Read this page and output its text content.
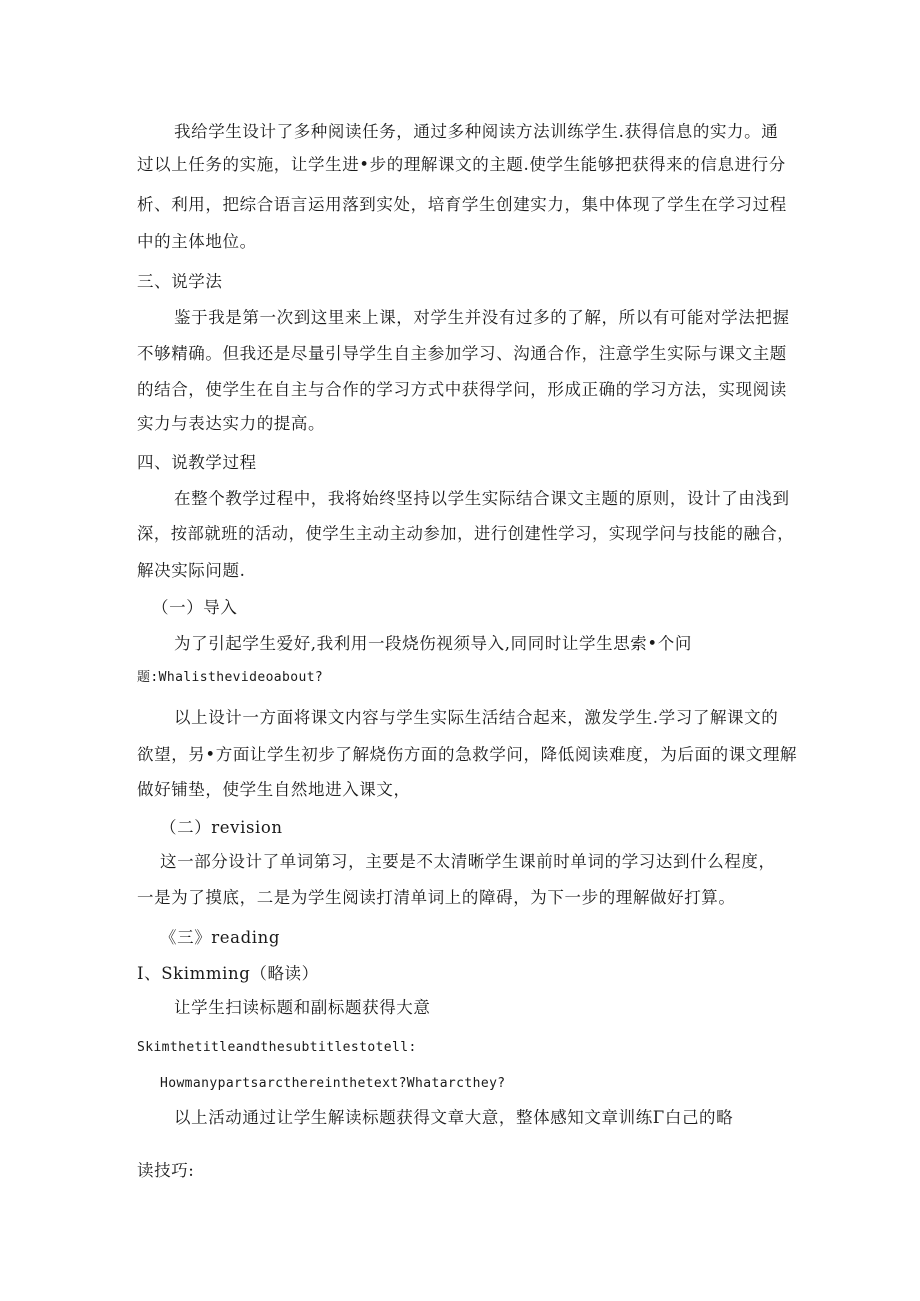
我给学生设计了多种阅读任务，通过多种阅读方法训练学生.获得信息的实力。通
过以上任务的实施，让学生进•步的理解课文的主题.使学生能够把获得来的信息进行分
析、利用，把综合语言运用落到实处，培育学生创建实力，集中体现了学生在学习过程
中的主体地位。
三、说学法
鉴于我是第一次到这里来上课，对学生并没有过多的了解，所以有可能对学法把握
不够精确。但我还是尽量引导学生自主参加学习、沟通合作，注意学生实际与课文主题
的结合，使学生在自主与合作的学习方式中获得学问，形成正确的学习方法，实现阅读
实力与表达实力的提高。
四、说教学过程
在整个教学过程中，我将始终坚持以学生实际结合课文主题的原则，设计了由浅到
深，按部就班的活动，使学生主动主动参加，进行创建性学习，实现学问与技能的融合，
解决实际问题.
（一）导入
为了引起学生爱好,我利用一段烧伤视须导入,同同时让学生思索•个问
题:Whalisthevideoabout?
以上设计一方面将课文内容与学生实际生活结合起来，激发学生.学习了解课文的
欲望，另•方面让学生初步了解烧伤方面的急救学问，降低阅读难度，为后面的课文理解
做好铺垫，使学生自然地进入课文，
（二）revision
这一部分设计了单词第习，主要是不太清晰学生课前时单词的学习达到什么程度，
一是为了摸底，二是为学生阅读打清单词上的障碍，为下一步的理解做好打算。
《三》reading
I、Skimming（略读）
让学生扫读标题和副标题获得大意
Skimthetitleandthesubtitlestotell:
Howmanypartsarcthereinthetext?Whatarcthey?
以上活动通过让学生解读标题获得文章大意，整体感知文章训练Γ白己的略
读技巧:
